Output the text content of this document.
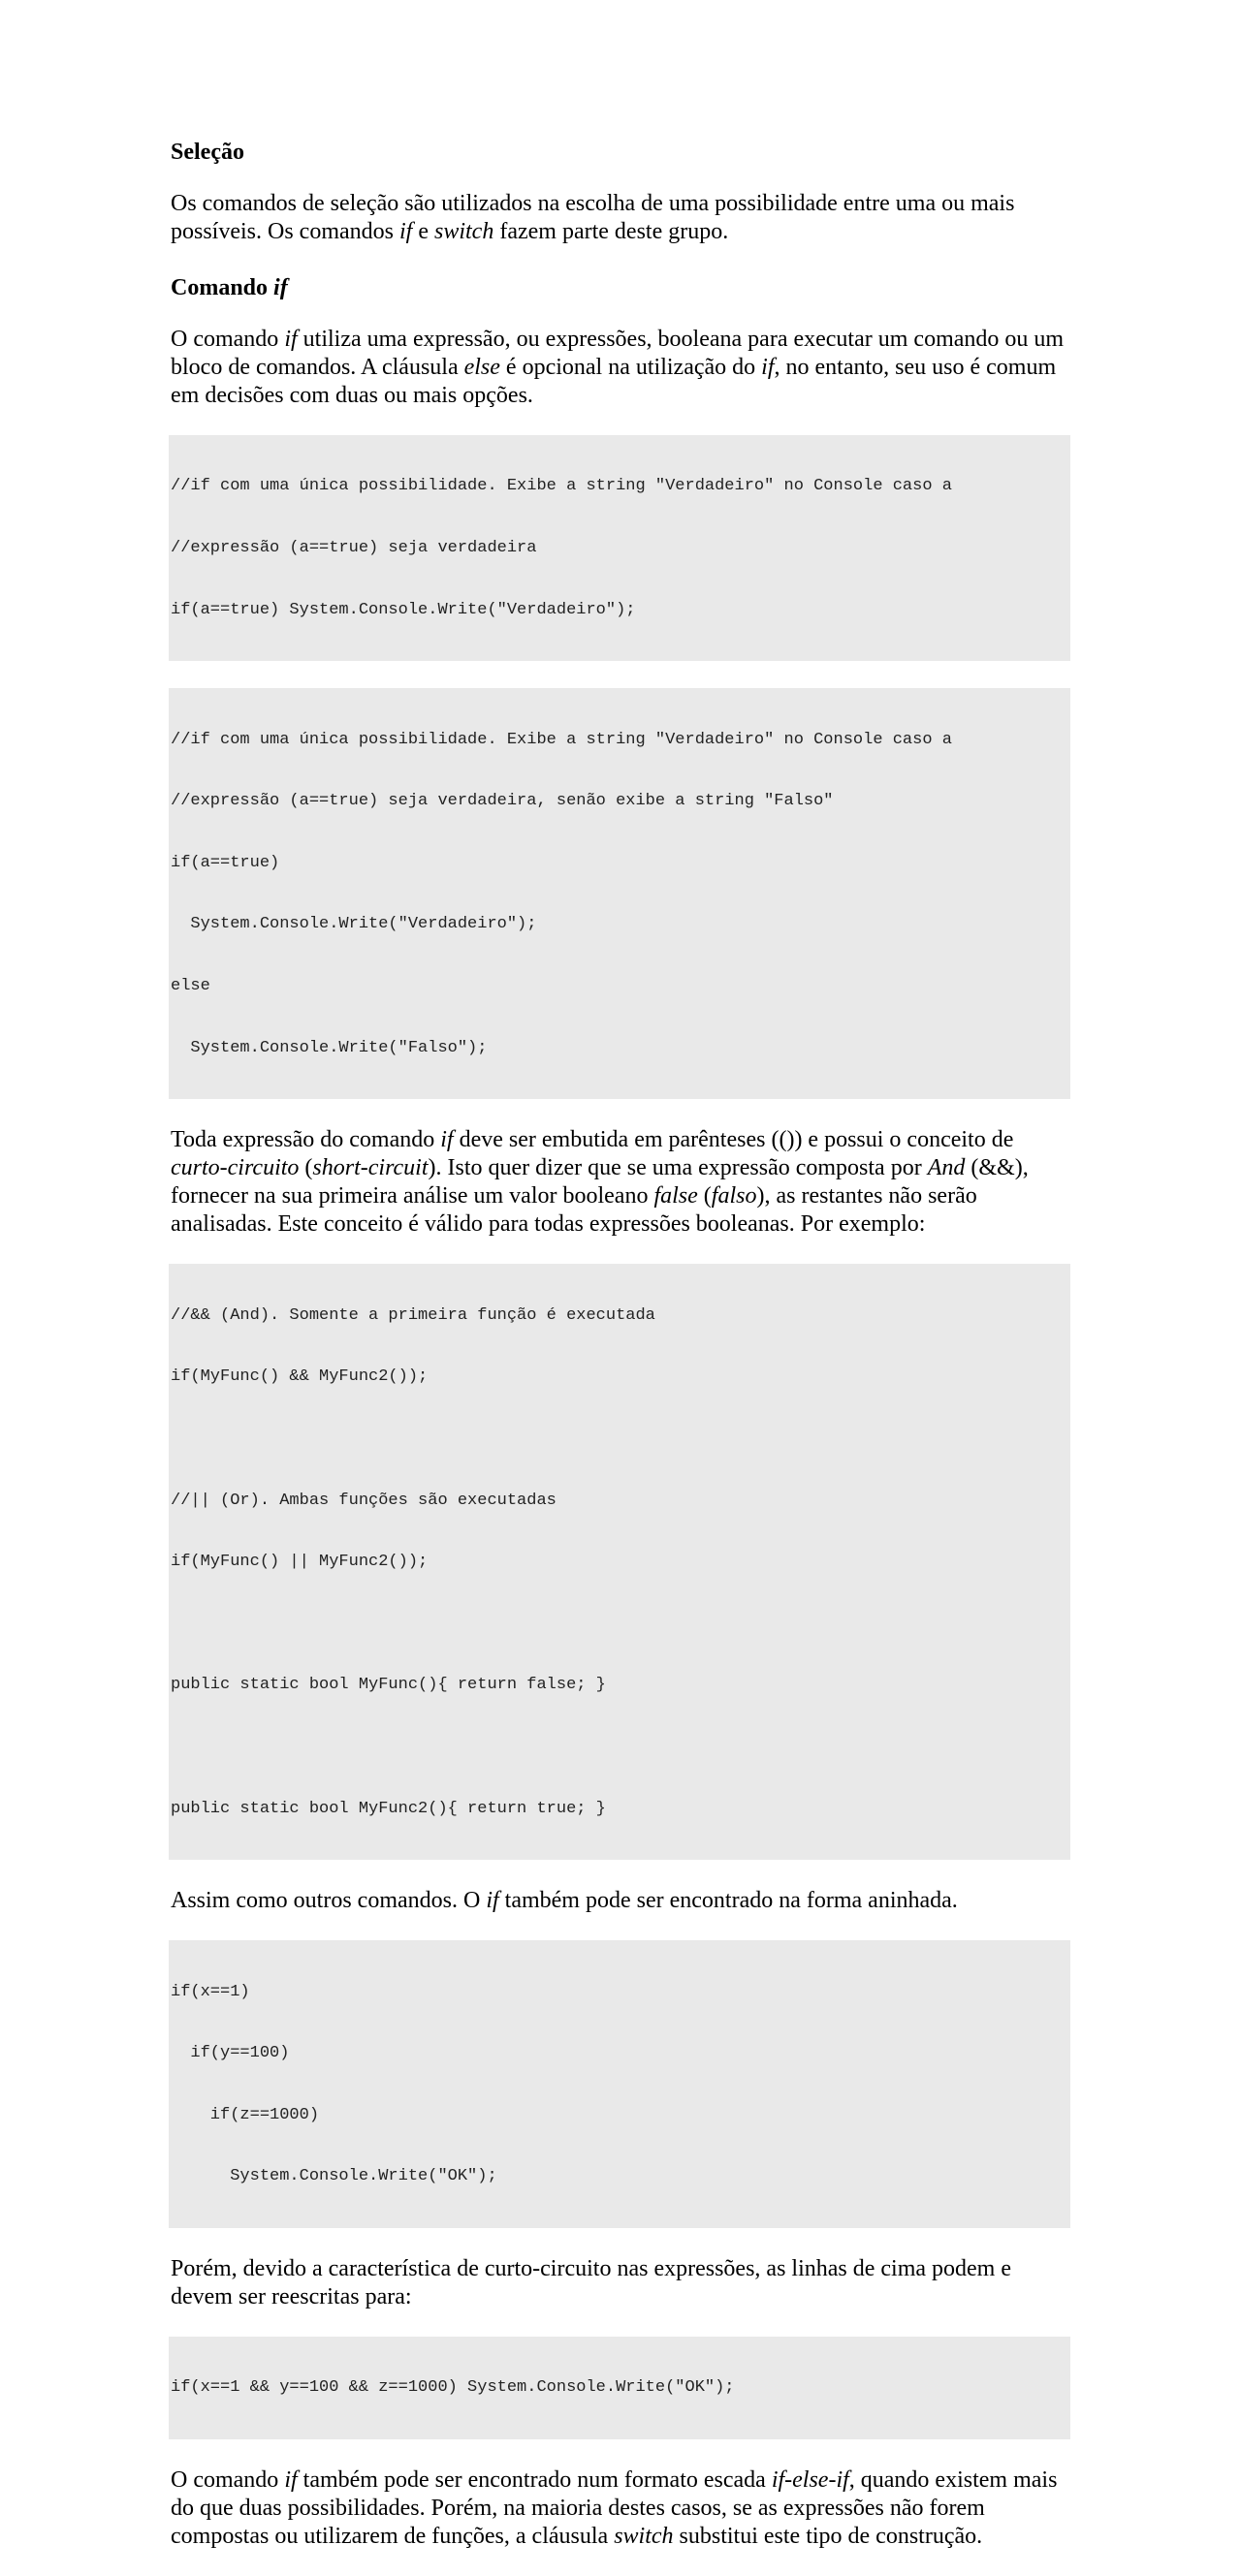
Seleção

Os comandos de seleção são utilizados na escolha de uma possibilidade entre uma ou mais possíveis. Os comandos if e switch fazem parte deste grupo.

Comando if

O comando if utiliza uma expressão, ou expressões, booleana para executar um comando ou um bloco de comandos. A cláusula else é opcional na utilização do if, no entanto, seu uso é comum em decisões com duas ou mais opções.

//if com uma única possibilidade. Exibe a string "Verdadeiro" no Console caso a

//expressão (a==true) seja verdadeira

if(a==true) System.Console.Write("Verdadeiro");

//if com uma única possibilidade. Exibe a string "Verdadeiro" no Console caso a

//expressão (a==true) seja verdadeira, senão exibe a string "Falso"

if(a==true)

System.Console.Write("Verdadeiro");

else

System.Console.Write("Falso");

Toda expressão do comando if deve ser embutida em parênteses (()) e possui o conceito de curto-circuito (short-circuit). Isto quer dizer que se uma expressão composta por And (&&), fornecer na sua primeira análise um valor booleano false (falso), as restantes não serão analisadas. Este conceito é válido para todas expressões booleanas. Por exemplo:

//&& (And). Somente a primeira função é executada

if(MyFunc() && MyFunc2());

//|| (Or). Ambas funções são executadas

if(MyFunc() || MyFunc2());

public static bool MyFunc(){ return false; }

public static bool MyFunc2(){ return true; }

Assim como outros comandos. O if também pode ser encontrado na forma aninhada.

if(x==1)

if(y==100)

if(z==1000)

System.Console.Write("OK");

Porém, devido a característica de curto-circuito nas expressões, as linhas de cima podem e devem ser reescritas para:

if(x==1 && y==100 && z==1000) System.Console.Write("OK");

O comando if também pode ser encontrado num formato escada if-else-if, quando existem mais do que duas possibilidades. Porém, na maioria destes casos, se as expressões não forem compostas ou utilizarem de funções, a cláusula switch substitui este tipo de construção.
